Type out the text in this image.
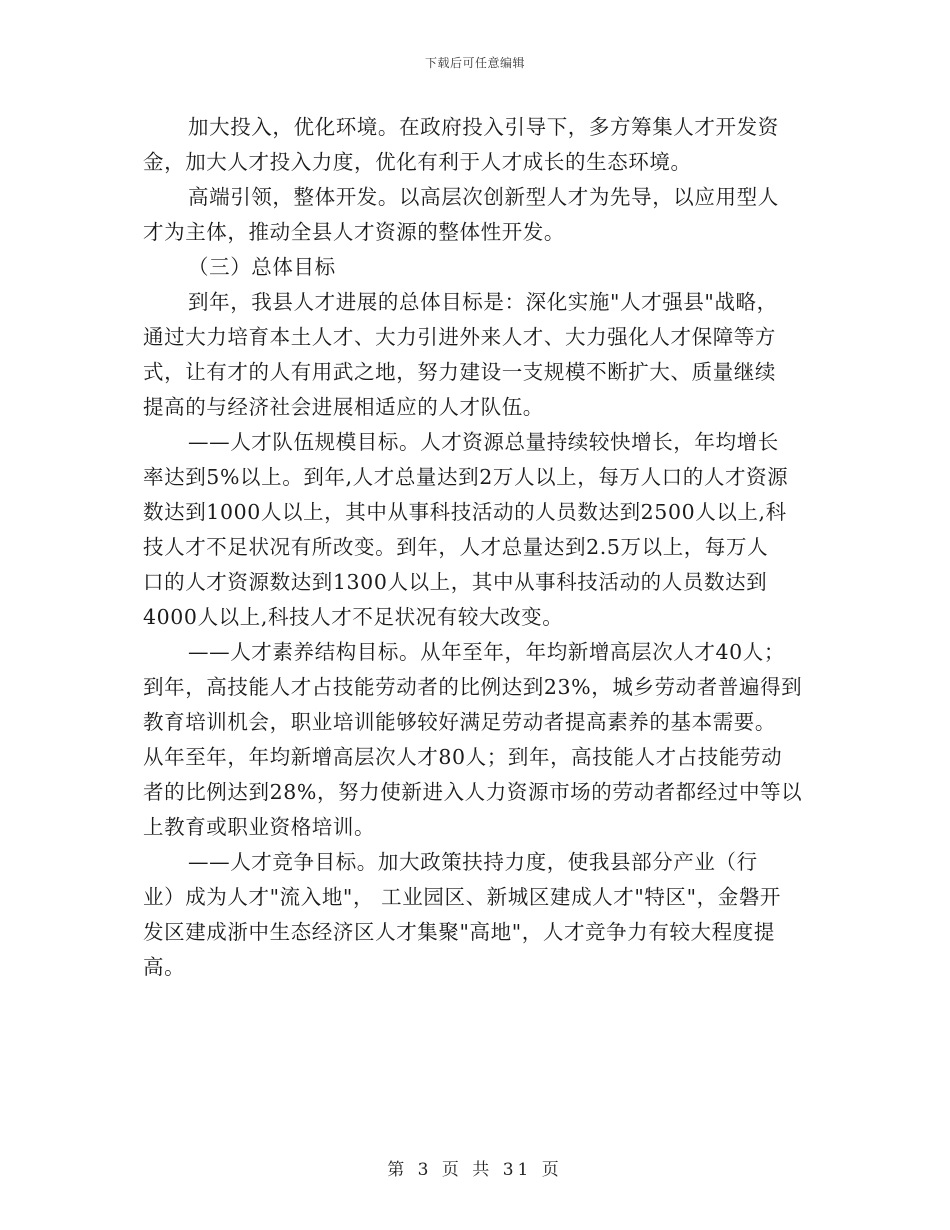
下载后可任意编辑
加大投入，优化环境。在政府投入引导下，多方筹集人才开发资
金，加大人才投入力度，优化有利于人才成长的生态环境。
高端引领，整体开发。以高层次创新型人才为先导，以应用型人
才为主体，推动全县人才资源的整体性开发。
（三）总体目标
到年，我县人才进展的总体目标是：深化实施"人才强县"战略，
通过大力培育本土人才、大力引进外来人才、大力强化人才保障等方
式，让有才的人有用武之地，努力建设一支规模不断扩大、质量继续
提高的与经济社会进展相适应的人才队伍。
——人才队伍规模目标。人才资源总量持续较快增长，年均增长
率达到5%以上。到年,人才总量达到2万人以上，每万人口的人才资源
数达到1000人以上，其中从事科技活动的人员数达到2500人以上,科
技人才不足状况有所改变。到年，人才总量达到2.5万以上，每万人
口的人才资源数达到1300人以上，其中从事科技活动的人员数达到
4000人以上,科技人才不足状况有较大改变。
——人才素养结构目标。从年至年，年均新增高层次人才40人；
到年，高技能人才占技能劳动者的比例达到23%，城乡劳动者普遍得到
教育培训机会，职业培训能够较好满足劳动者提高素养的基本需要。
从年至年，年均新增高层次人才80人；到年，高技能人才占技能劳动
者的比例达到28%，努力使新进入人力资源市场的劳动者都经过中等以
上教育或职业资格培训。
——人才竞争目标。加大政策扶持力度，使我县部分产业（行
业）成为人才"流入地"， 工业园区、新城区建成人才"特区"，金磐开
发区建成浙中生态经济区人才集聚"高地"，人才竞争力有较大程度提
高。
第 3 页 共 31 页
